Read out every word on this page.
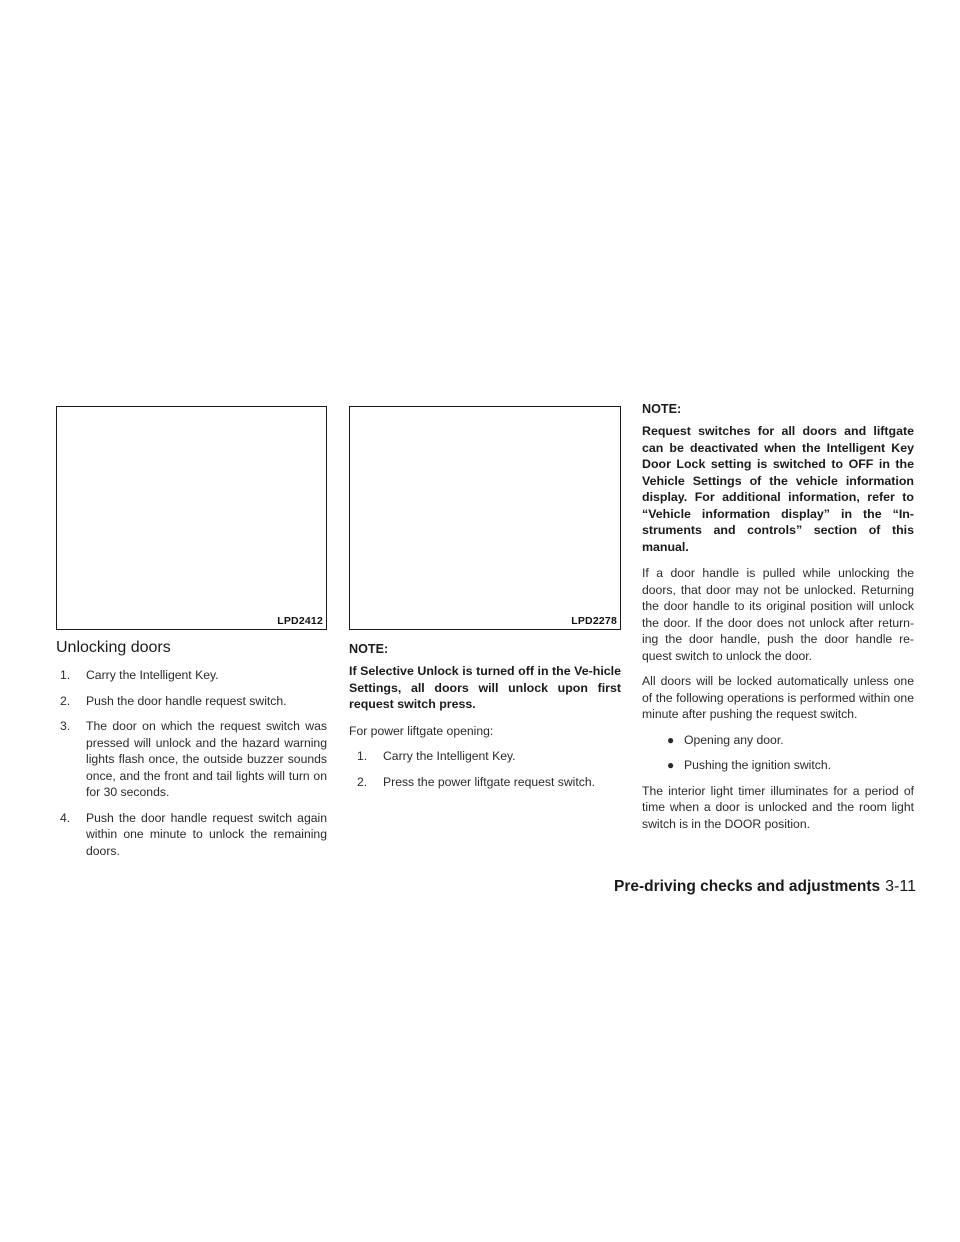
LPD2412
Unlocking doors
1. Carry the Intelligent Key.
2. Push the door handle request switch.
3. The door on which the request switch was pressed will unlock and the hazard warning lights flash once, the outside buzzer sounds once, and the front and tail lights will turn on for 30 seconds.
4. Push the door handle request switch again within one minute to unlock the remaining doors.
LPD2278
NOTE:

If Selective Unlock is turned off in the Ve-hicle Settings, all doors will unlock upon first request switch press.

For power liftgate opening:

1. Carry the Intelligent Key.
2. Press the power liftgate request switch.
NOTE:

Request switches for all doors and liftgate can be deactivated when the Intelligent Key Door Lock setting is switched to OFF in the Vehicle Settings of the vehicle information display. For additional information, refer to “Vehicle information display” in the “In-struments and controls” section of this manual.

If a door handle is pulled while unlocking the doors, that door may not be unlocked. Returning the door handle to its original position will unlock the door. If the door does not unlock after return-ing the door handle, push the door handle re-quest switch to unlock the door.

All doors will be locked automatically unless one of the following operations is performed within one minute after pushing the request switch.

● Opening any door.
● Pushing the ignition switch.

The interior light timer illuminates for a period of time when a door is unlocked and the room light switch is in the DOOR position.

Pre-driving checks and adjustments 3-11
